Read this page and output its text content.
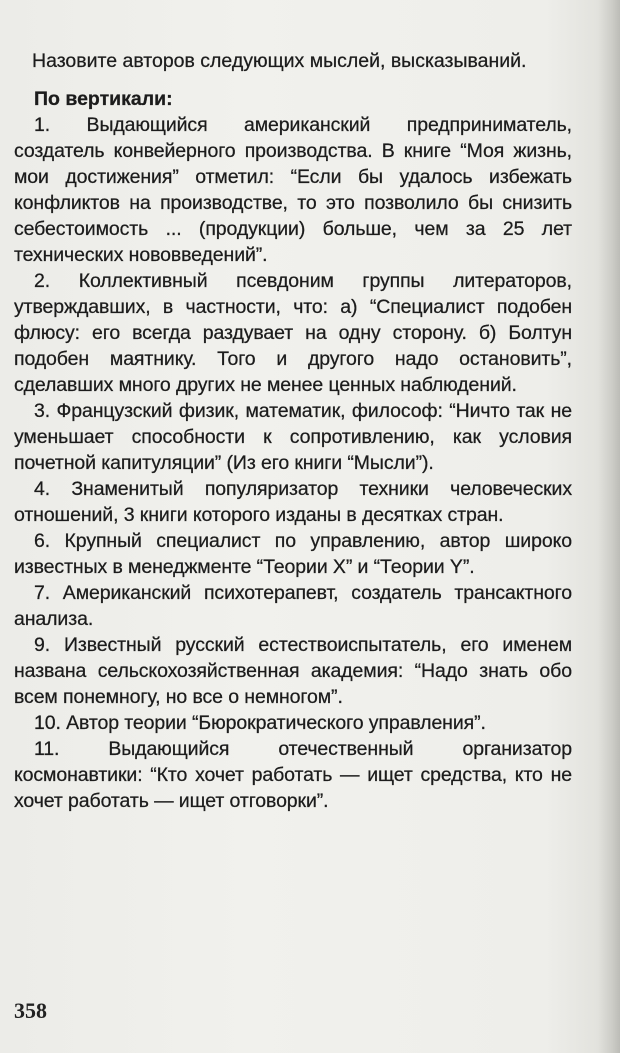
Назовите авторов следующих мыслей, высказываний.

По вертикали:

1. Выдающийся американский предприниматель, создатель конвейерного производства. В книге “Моя жизнь, мои достижения” отметил: “Если бы удалось избежать конфликтов на производстве, то это позволило бы снизить себестоимость ... (продукции) больше, чем за 25 лет технических нововведений”.

2. Коллективный псевдоним группы литераторов, утверждавших, в частности, что: а) “Специалист подобен флюсу: его всегда раздувает на одну сторону. б) Болтун подобен маятнику. Того и другого надо остановить”, сделавших много других не менее ценных наблюдений.

3. Французский физик, математик, философ: “Ничто так не уменьшает способности к сопротивлению, как условия почетной капитуляции” (Из его книги “Мысли”).

4. Знаменитый популяризатор техники человеческих отношений, 3 книги которого изданы в десятках стран.

6. Крупный специалист по управлению, автор широко известных в менеджменте “Теории X” и “Теории Y”.

7. Американский психотерапевт, создатель трансактного анализа.

9. Известный русский естествоиспытатель, его именем названа сельскохозяйственная академия: “Надо знать обо всем понемногу, но все о немногом”.

10. Автор теории “Бюрократического управления”.

11. Выдающийся отечественный организатор космонавтики: “Кто хочет работать — ищет средства, кто не хочет работать — ищет отговорки”.

358
